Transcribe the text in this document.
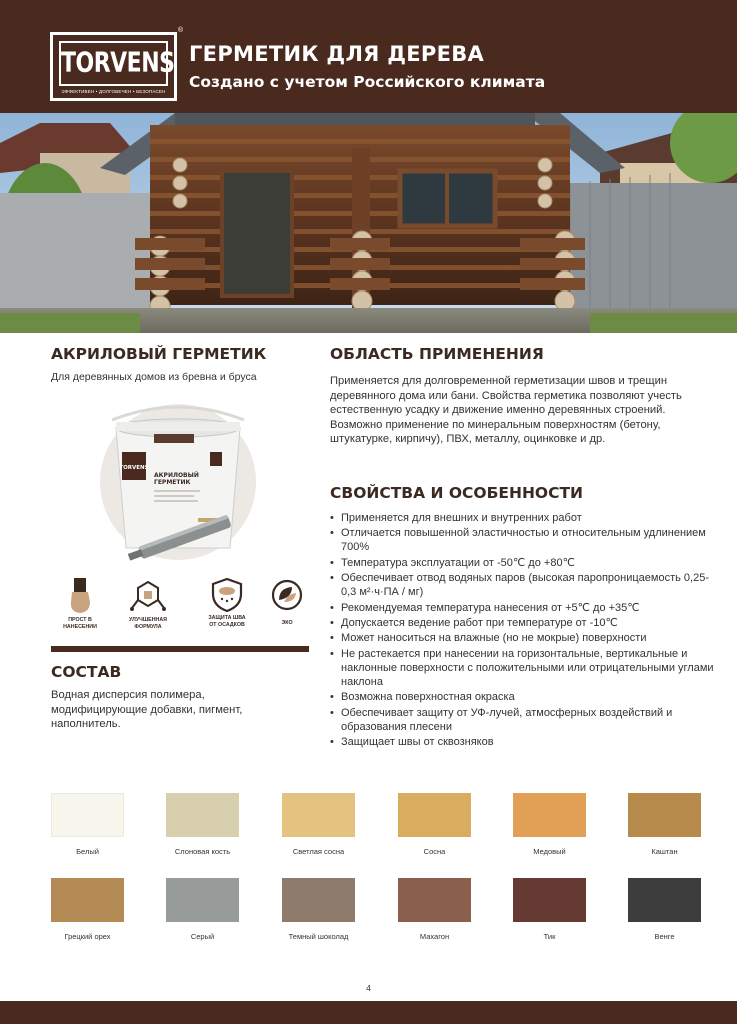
TORVENS
ЭФФЕКТИВЕН • ДОЛГОВЕЧЕН • БЕЗОПАСЕН
®
ГЕРМЕТИК ДЛЯ ДЕРЕВА
Создано с учетом Российского климата
АКРИЛОВЫЙ ГЕРМЕТИК
Для деревянных домов из бревна и бруса
TORVENS
АКРИЛОВЫЙ
ГЕРМЕТИК
ПРОСТ В
НАНЕСЕНИИ
УЛУЧШЕННАЯ
ФОРМУЛА
ЗАЩИТА ШВА
ОТ ОСАДКОВ	ЭКО
СОСТАВ
Водная дисперсия полимера, модифицирующие добавки, пигмент, наполнитель.
ОБЛАСТЬ ПРИМЕНЕНИЯ
Применяется для долговременной герметизации швов и трещин деревянного дома или бани. Свойства герметика позволяют учесть естественную усадку и движение именно деревянных строений. Возможно применение по минеральным поверхностям (бетону, штукатурке, кирпичу), ПВХ, металлу, оцинковке и др.
СВОЙСТВА И ОСОБЕННОСТИ
• Применяется для внешних и внутренних работ
• Отличается повышенной эластичностью и относительным удлинением 700%
• Температура эксплуатации от -50℃ до +80℃
• Обеспечивает отвод водяных паров (высокая паропроницаемость 0,25-0,3 м²·ч·ПА / мг)
• Рекомендуемая температура нанесения от +5℃ до +35℃
• Допускается ведение работ при температуре от -10℃
• Может наноситься на влажные (но не мокрые) поверхности
• Не растекается при нанесении на горизонтальные, вертикальные и наклонные поверхности с положительными или отрицательными углами наклона
• Возможна поверхностная окраска
• Обеспечивает защиту от УФ-лучей, атмосферных воздействий и образования плесени
• Защищает швы от сквозняков
Белый	Слоновая кость	Светлая сосна	Сосна	Медовый	Каштан
Грецкий орех	Серый	Темный шоколад	Махагон	Тик	Венге
4
